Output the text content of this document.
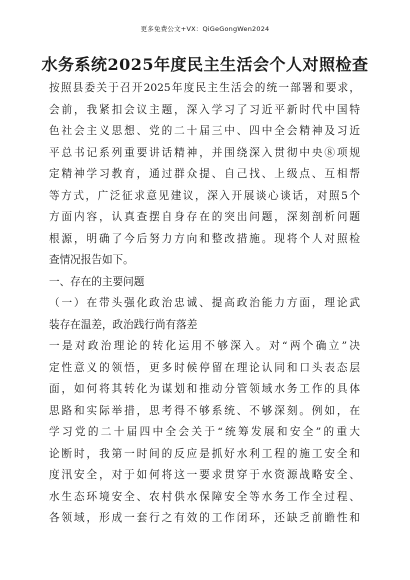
更多免费公文+VX：QiGeGongWen2024
水务系统2025年度民主生活会个人对照检查
按照县委关于召开2025年度民主生活会的统一部署和要求，
会前，我紧扣会议主题，深入学习了习近平新时代中国特
色社会主义思想、党的二十届三中、四中全会精神及习近
平总书记系列重要讲话精神，并围绕深入贯彻中央⑧项规
定精神学习教育，通过群众提、自己找、上级点、互相帮
等方式，广泛征求意见建议，深入开展谈心谈话，对照5个
方面内容，认真查摆自身存在的突出问题，深刻剖析问题
根源，明确了今后努力方向和整改措施。现将个人对照检
查情况报告如下。
一、存在的主要问题
（一）在带头强化政治忠诚、提高政治能力方面，理论武
装存在温差，政治践行尚有落差
一是对政治理论的转化运用不够深入。对“两个确立”决
定性意义的领悟，更多时候停留在理论认同和口头表态层
面，如何将其转化为谋划和推动分管领域水务工作的具体
思路和实际举措，思考得不够系统、不够深刻。例如，在
学习党的二十届四中全会关于“统筹发展和安全”的重大
论断时，我第一时间的反应是抓好水利工程的施工安全和
度汛安全，对于如何将这一要求贯穿于水资源战略安全、
水生态环境安全、农村供水保障安全等水务工作全过程、
各领域，形成一套行之有效的工作闭环，还缺乏前瞻性和
